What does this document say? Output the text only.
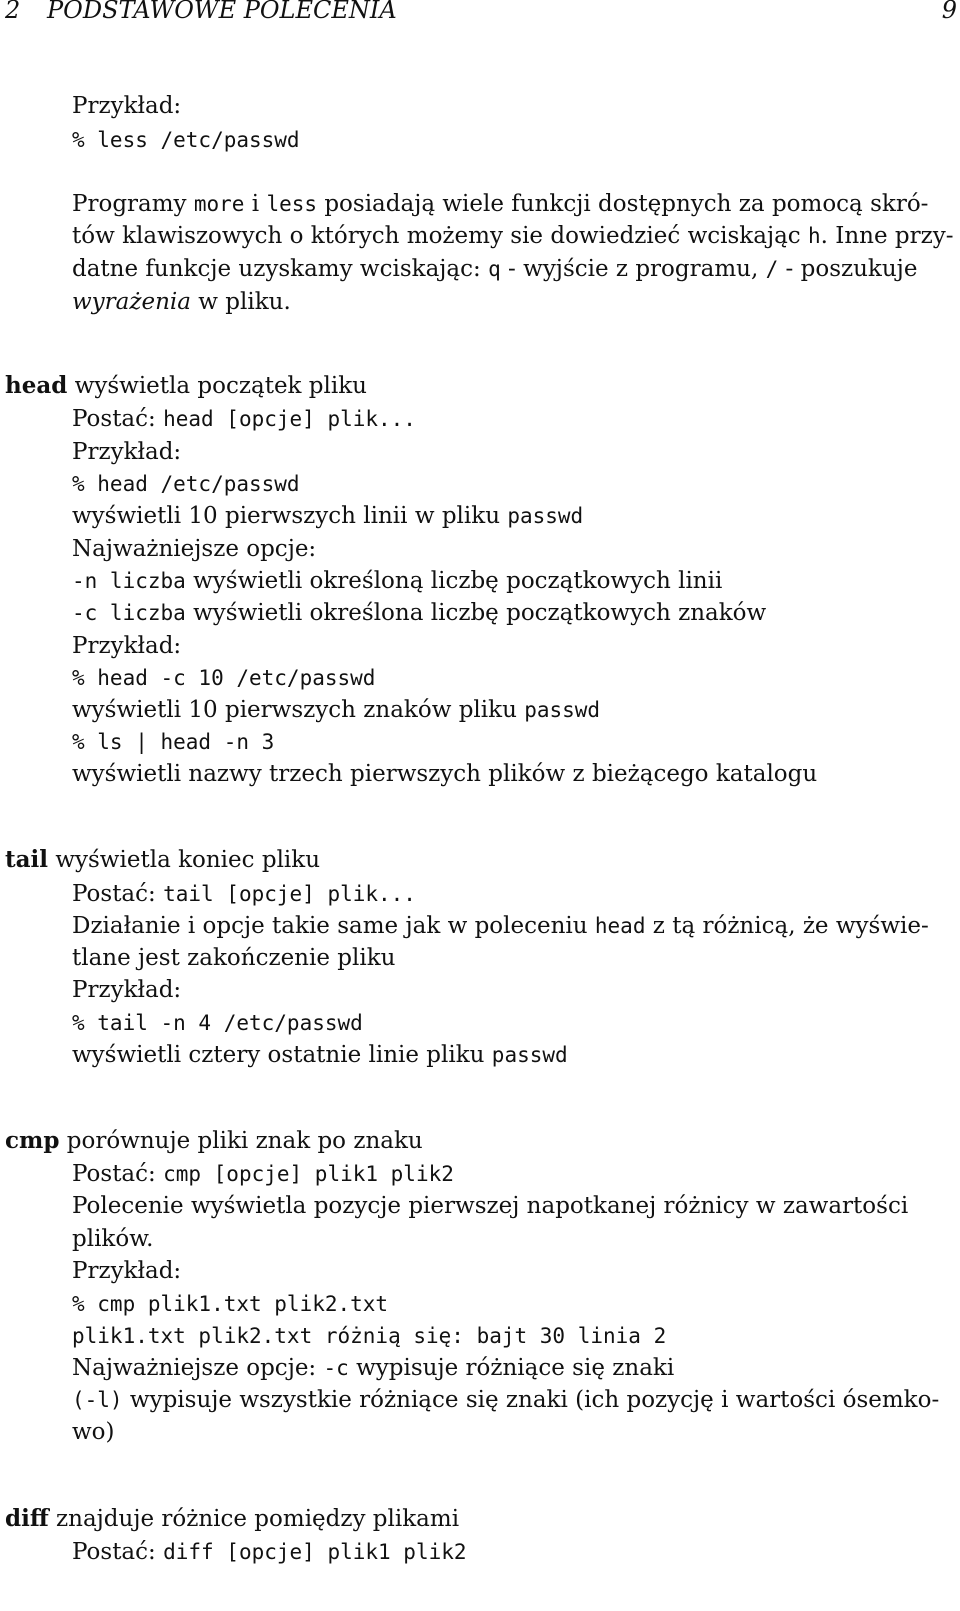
2 PODSTAWOWE POLECENIA	9
Przykład:
% less /etc/passwd
Programy more i less posiadają wiele funkcji dostępnych za pomocą skró-
tów klawiszowych o których możemy sie dowiedzieć wciskając h. Inne przy-
datne funkcje uzyskamy wciskając: q - wyjście z programu, / - poszukuje
wyrażenia w pliku.
head wyświetla początek pliku
Postać: head [opcje] plik...
Przykład:
% head /etc/passwd
wyświetli 10 pierwszych linii w pliku passwd
Najważniejsze opcje:
-n liczba wyświetli określoną liczbę początkowych linii
-c liczba wyświetli określona liczbę początkowych znaków
Przykład:
% head -c 10 /etc/passwd
wyświetli 10 pierwszych znaków pliku passwd
% ls | head -n 3
wyświetli nazwy trzech pierwszych plików z bieżącego katalogu
tail wyświetla koniec pliku
Postać: tail [opcje] plik...
Działanie i opcje takie same jak w poleceniu head z tą różnicą, że wyświe-
tlane jest zakończenie pliku
Przykład:
% tail -n 4 /etc/passwd
wyświetli cztery ostatnie linie pliku passwd
cmp porównuje pliki znak po znaku
Postać: cmp [opcje] plik1 plik2
Polecenie wyświetla pozycje pierwszej napotkanej różnicy w zawartości
plików.
Przykład:
% cmp plik1.txt plik2.txt
plik1.txt plik2.txt różnią się: bajt 30 linia 2
Najważniejsze opcje: -c wypisuje różniące się znaki
(-l) wypisuje wszystkie różniące się znaki (ich pozycję i wartości ósemko-
wo)
diff znajduje różnice pomiędzy plikami
Postać: diff [opcje] plik1 plik2
